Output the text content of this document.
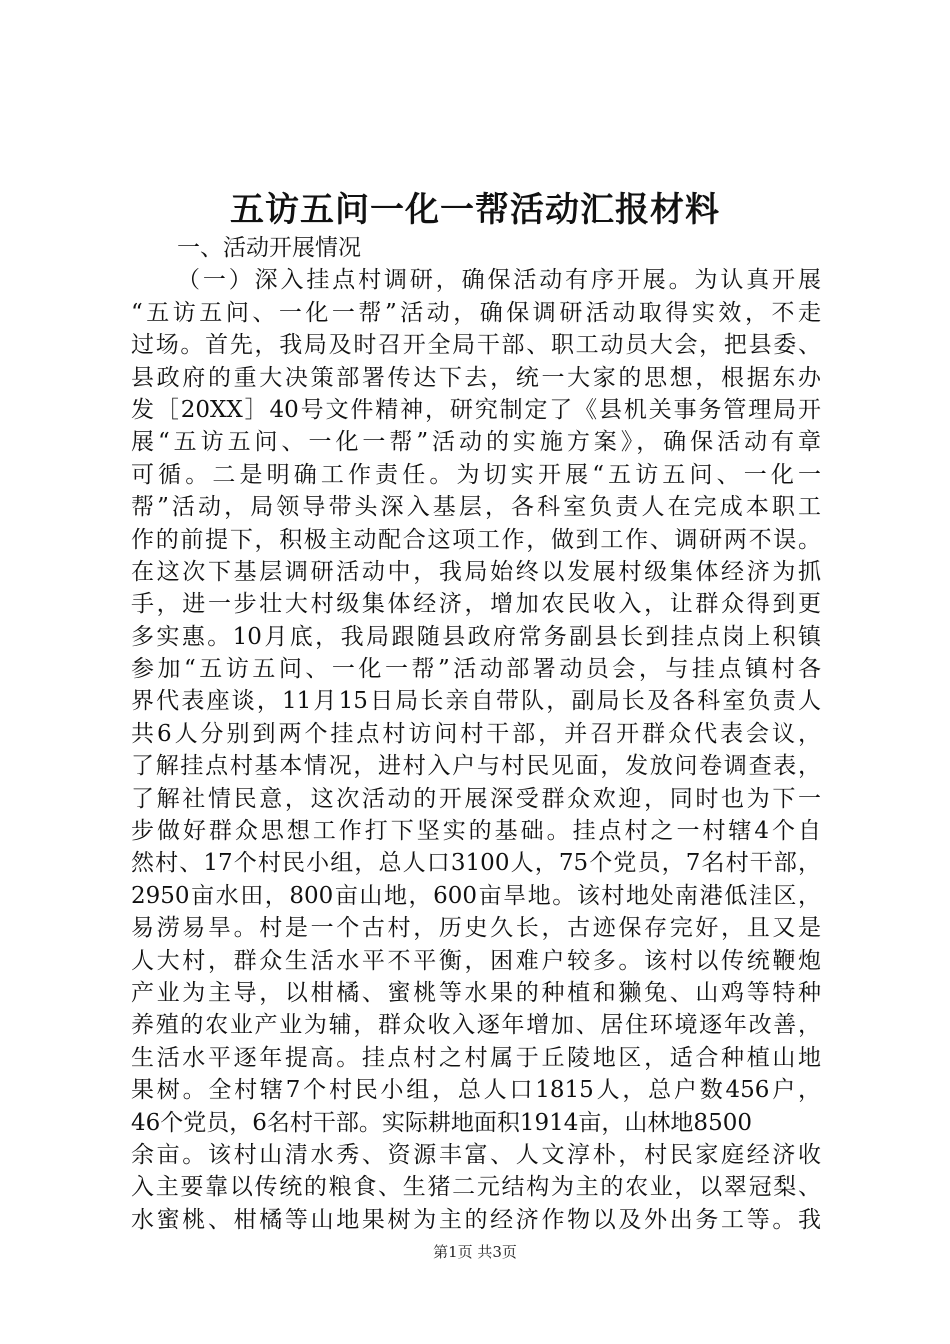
五访五问一化一帮活动汇报材料
一、活动开展情况
（一）深入挂点村调研，确保活动有序开展。为认真开展
“五访五问、一化一帮”活动，确保调研活动取得实效，不走
过场。首先，我局及时召开全局干部、职工动员大会，把县委、
县政府的重大决策部署传达下去，统一大家的思想，根据东办
发［20XX］40号文件精神，研究制定了《县机关事务管理局开
展“五访五问、一化一帮”活动的实施方案》，确保活动有章
可循。二是明确工作责任。为切实开展“五访五问、一化一
帮”活动，局领导带头深入基层，各科室负责人在完成本职工
作的前提下，积极主动配合这项工作，做到工作、调研两不误。
在这次下基层调研活动中，我局始终以发展村级集体经济为抓
手，进一步壮大村级集体经济，增加农民收入，让群众得到更
多实惠。10月底，我局跟随县政府常务副县长到挂点岗上积镇
参加“五访五问、一化一帮”活动部署动员会，与挂点镇村各
界代表座谈，11月15日局长亲自带队，副局长及各科室负责人
共6人分别到两个挂点村访问村干部，并召开群众代表会议，
了解挂点村基本情况，进村入户与村民见面，发放问卷调查表，
了解社情民意，这次活动的开展深受群众欢迎，同时也为下一
步做好群众思想工作打下坚实的基础。挂点村之一村辖4个自
然村、17个村民小组，总人口3100人，75个党员，7名村干部，
2950亩水田，800亩山地，600亩旱地。该村地处南港低洼区，
易涝易旱。村是一个古村，历史久长，古迹保存完好，且又是
人大村，群众生活水平不平衡，困难户较多。该村以传统鞭炮
产业为主导，以柑橘、蜜桃等水果的种植和獭兔、山鸡等特种
养殖的农业产业为辅，群众收入逐年增加、居住环境逐年改善，
生活水平逐年提高。挂点村之村属于丘陵地区，适合种植山地
果树。全村辖7个村民小组，总人口1815人，总户数456户，
46个党员，6名村干部。实际耕地面积1914亩，山林地8500
余亩。该村山清水秀、资源丰富、人文淳朴，村民家庭经济收
入主要靠以传统的粮食、生猪二元结构为主的农业，以翠冠梨、
水蜜桃、柑橘等山地果树为主的经济作物以及外出务工等。我
第1页 共3页
